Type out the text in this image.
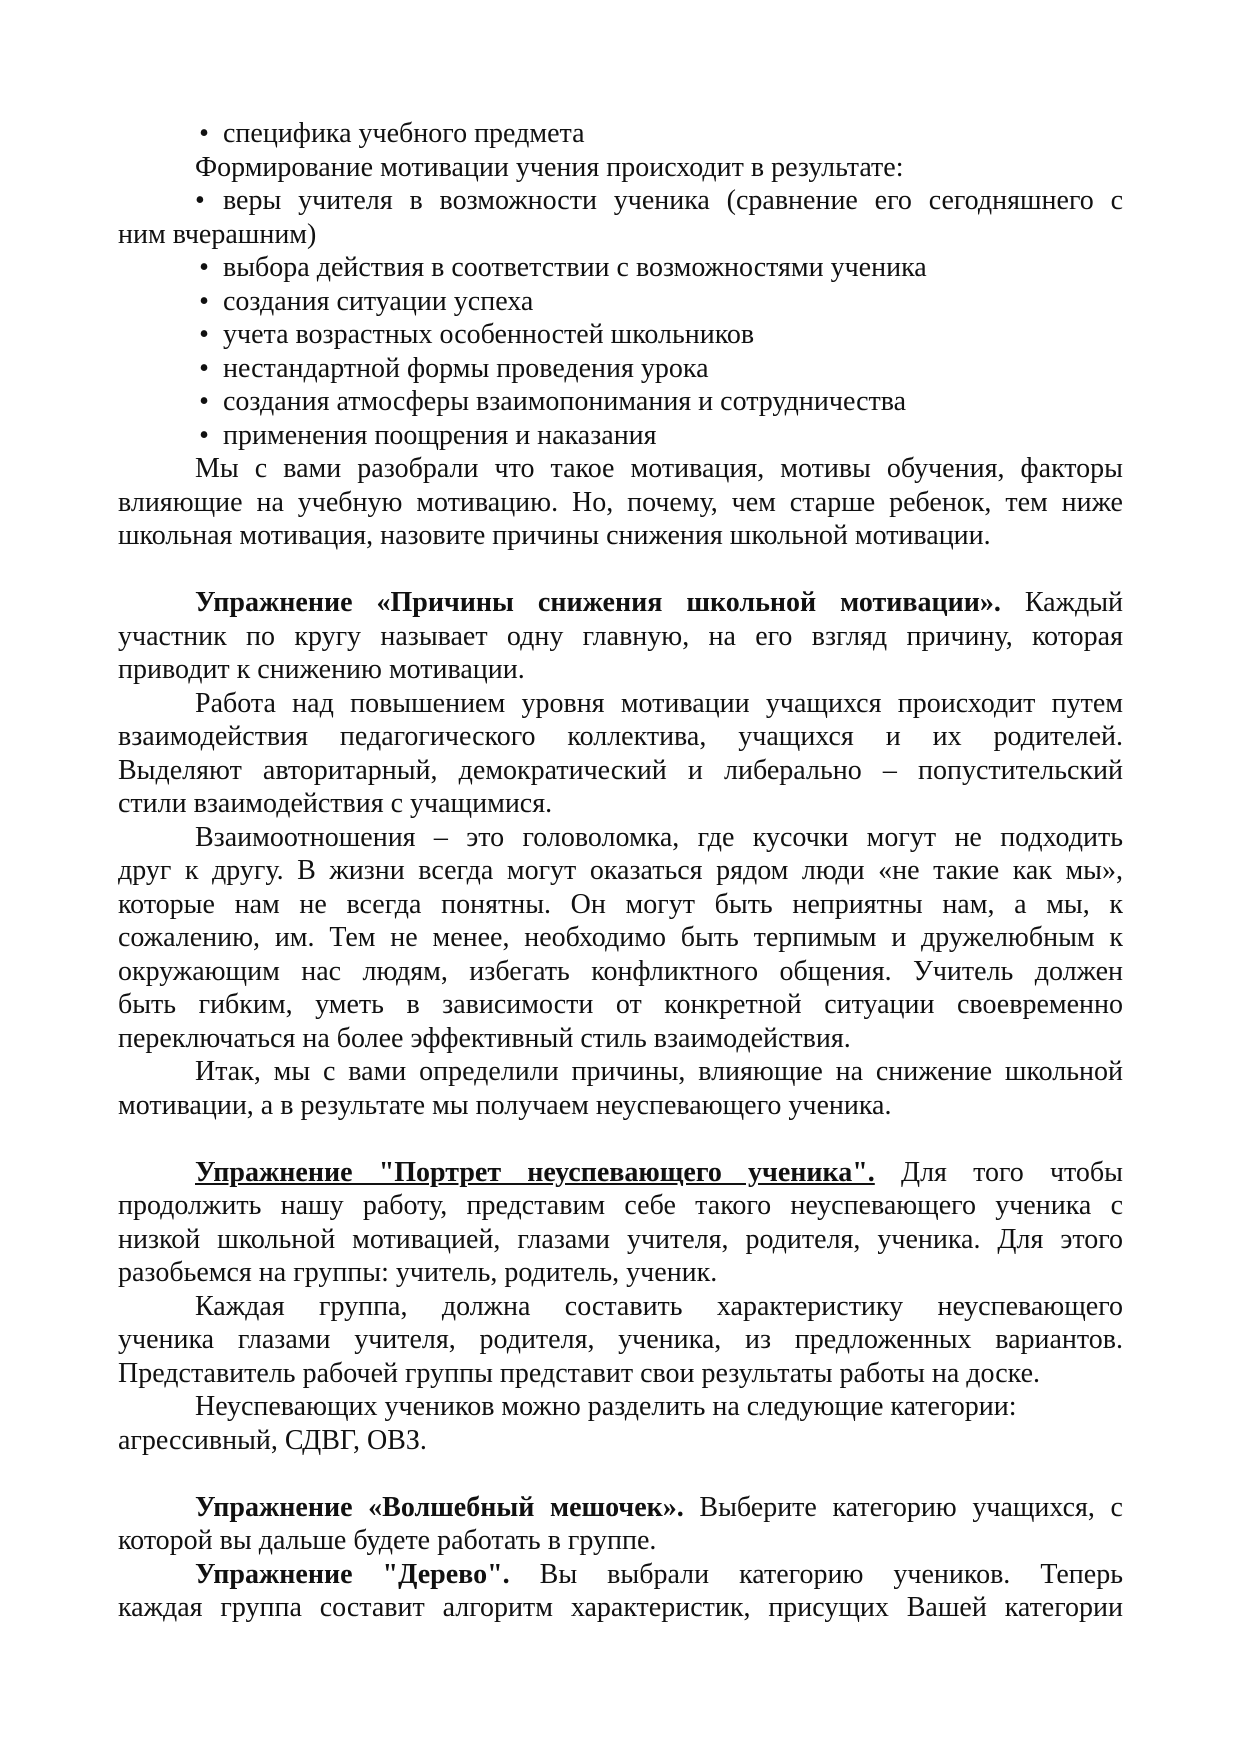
• специфика учебного предмета
Формирование мотивации учения происходит в результате:
• веры учителя в возможности ученика (сравнение его сегодняшнего с
ним вчерашним)
• выбора действия в соответствии с возможностями ученика
• создания ситуации успеха
• учета возрастных особенностей школьников
• нестандартной формы проведения урока
• создания атмосферы взаимопонимания и сотрудничества
• применения поощрения и наказания
Мы с вами разобрали что такое мотивация, мотивы обучения, факторы
влияющие на учебную мотивацию. Но, почему, чем старше ребенок, тем ниже
школьная мотивация, назовите причины снижения школьной мотивации.
Упражнение «Причины снижения школьной мотивации». Каждый
участник по кругу называет одну главную, на его взгляд причину, которая
приводит к снижению мотивации.
Работа над повышением уровня мотивации учащихся происходит путем
взаимодействия педагогического коллектива, учащихся и их родителей.
Выделяют авторитарный, демократический и либерально – попустительский
стили взаимодействия с учащимися.
Взаимоотношения – это головоломка, где кусочки могут не подходить
друг к другу. В жизни всегда могут оказаться рядом люди «не такие как мы»,
которые нам не всегда понятны. Он могут быть неприятны нам, а мы, к
сожалению, им. Тем не менее, необходимо быть терпимым и дружелюбным к
окружающим нас людям, избегать конфликтного общения. Учитель должен
быть гибким, уметь в зависимости от конкретной ситуации своевременно
переключаться на более эффективный стиль взаимодействия.
Итак, мы с вами определили причины, влияющие на снижение школьной
мотивации, а в результате мы получаем неуспевающего ученика.
Упражнение "Портрет неуспевающего ученика". Для того чтобы
продолжить нашу работу, представим себе такого неуспевающего ученика с
низкой школьной мотивацией, глазами учителя, родителя, ученика. Для этого
разобьемся на группы: учитель, родитель, ученик.
Каждая группа, должна составить характеристику неуспевающего
ученика глазами учителя, родителя, ученика, из предложенных вариантов.
Представитель рабочей группы представит свои результаты работы на доске.
Неуспевающих учеников можно разделить на следующие категории:
агрессивный, СДВГ, ОВЗ.
Упражнение «Волшебный мешочек». Выберите категорию учащихся, с
которой вы дальше будете работать в группе.
Упражнение "Дерево". Вы выбрали категорию учеников. Теперь
каждая группа составит алгоритм характеристик, присущих Вашей категории
